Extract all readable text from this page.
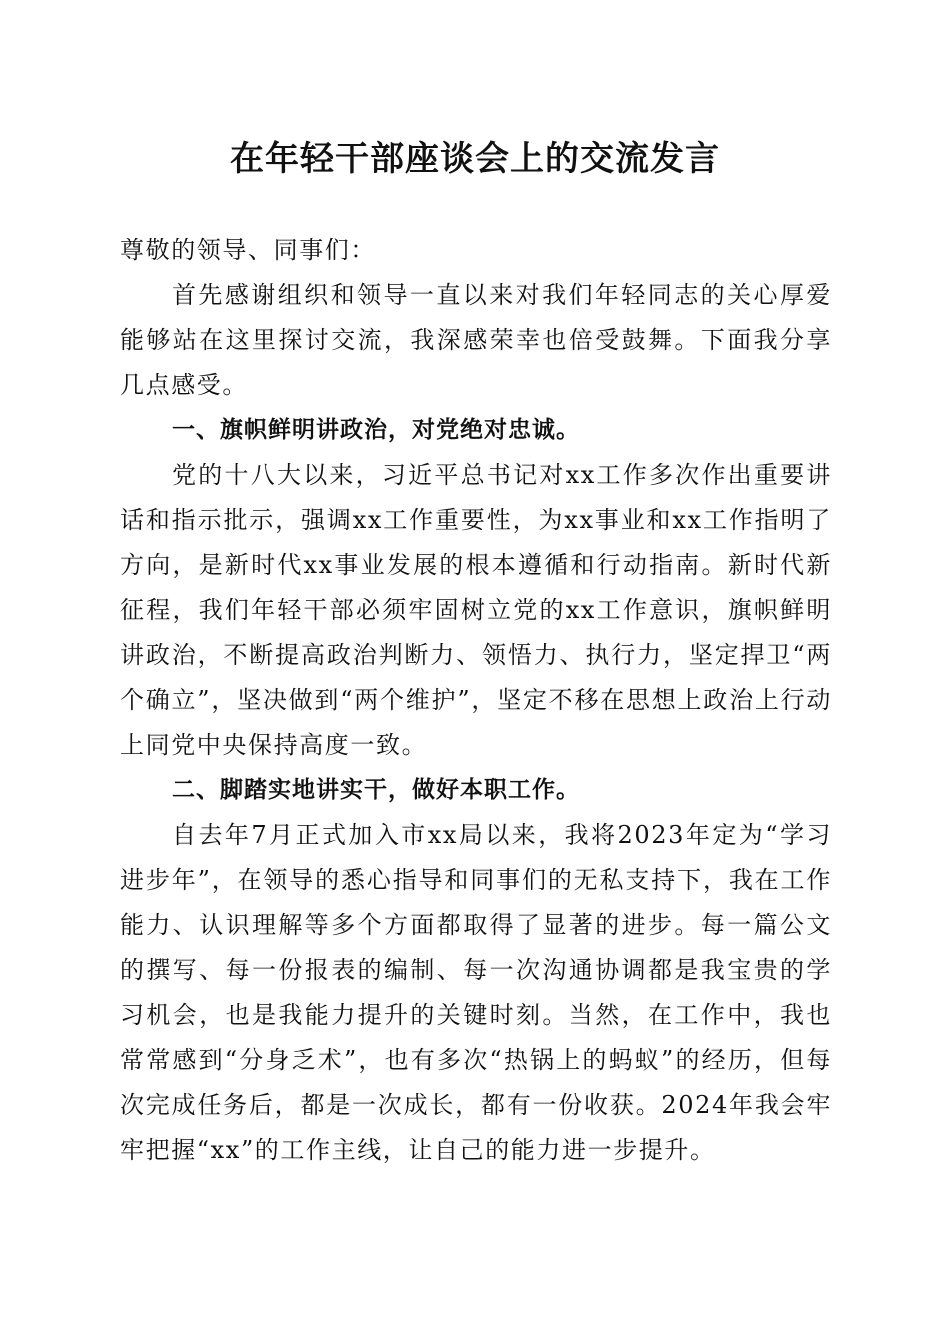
在年轻干部座谈会上的交流发言

尊敬的领导、同事们：

首先感谢组织和领导一直以来对我们年轻同志的关心厚爱能够站在这里探讨交流，我深感荣幸也倍受鼓舞。下面我分享几点感受。

一、旗帜鲜明讲政治，对党绝对忠诚。

党的十八大以来，习近平总书记对xx工作多次作出重要讲话和指示批示，强调xx工作重要性，为xx事业和xx工作指明了方向，是新时代xx事业发展的根本遵循和行动指南。新时代新征程，我们年轻干部必须牢固树立党的xx工作意识，旗帜鲜明讲政治，不断提高政治判断力、领悟力、执行力，坚定捍卫“两个确立”，坚决做到“两个维护”，坚定不移在思想上政治上行动上同党中央保持高度一致。

二、脚踏实地讲实干，做好本职工作。

自去年7月正式加入市xx局以来，我将2023年定为“学习进步年”，在领导的悉心指导和同事们的无私支持下，我在工作能力、认识理解等多个方面都取得了显著的进步。每一篇公文的撰写、每一份报表的编制、每一次沟通协调都是我宝贵的学习机会，也是我能力提升的关键时刻。当然，在工作中，我也常常感到“分身乏术”，也有多次“热锅上的蚂蚁”的经历，但每次完成任务后，都是一次成长，都有一份收获。2024年我会牢牢把握“xx”的工作主线，让自己的能力进一步提升。
